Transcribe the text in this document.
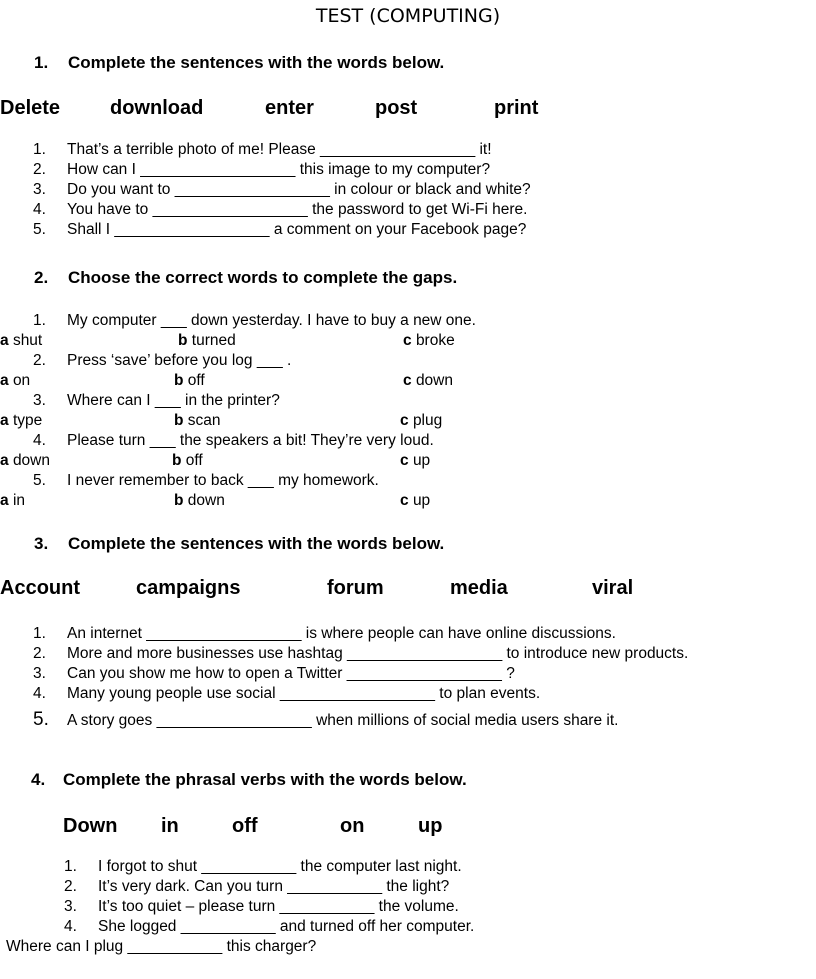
TEST (COMPUTING)
1. Complete the sentences with the words below.
Delete download	enter	post	print
1. That’s a terrible photo of me! Please __________________ it!
2. How can I __________________ this image to my computer?
3. Do you want to __________________ in colour or black and white?
4. You have to __________________ the password to get Wi-Fi here.
5. Shall I __________________ a comment on your Facebook page?
2. Choose the correct words to complete the gaps.
1. My computer ___ down yesterday. I have to buy a new one.
a shut	b turned	c broke
2. Press ‘save’ before you log ___ .
a on	b off	c down
3. Where can I ___ in the printer?
a type	b scan	c plug
4. Please turn ___ the speakers a bit! They’re very loud.
a down	b off	c up
5. I never remember to back ___ my homework.
a in	b down	c up
3. Complete the sentences with the words below.
Account	campaigns	forum	media	viral
1. An internet __________________ is where people can have online discussions.
2. More and more businesses use hashtag __________________ to introduce new products.
3. Can you show me how to open a Twitter __________________ ?
4. Many young people use social __________________ to plan events.
5. A story goes __________________ when millions of social media users share it.
4. Complete the phrasal verbs with the words below.
Down in	off	on	up
1. I forgot to shut ___________ the computer last night.
2. It’s very dark. Can you turn ___________ the light?
3. It’s too quiet – please turn ___________ the volume.
4. She logged ___________ and turned off her computer.
Where can I plug ___________ this charger?
